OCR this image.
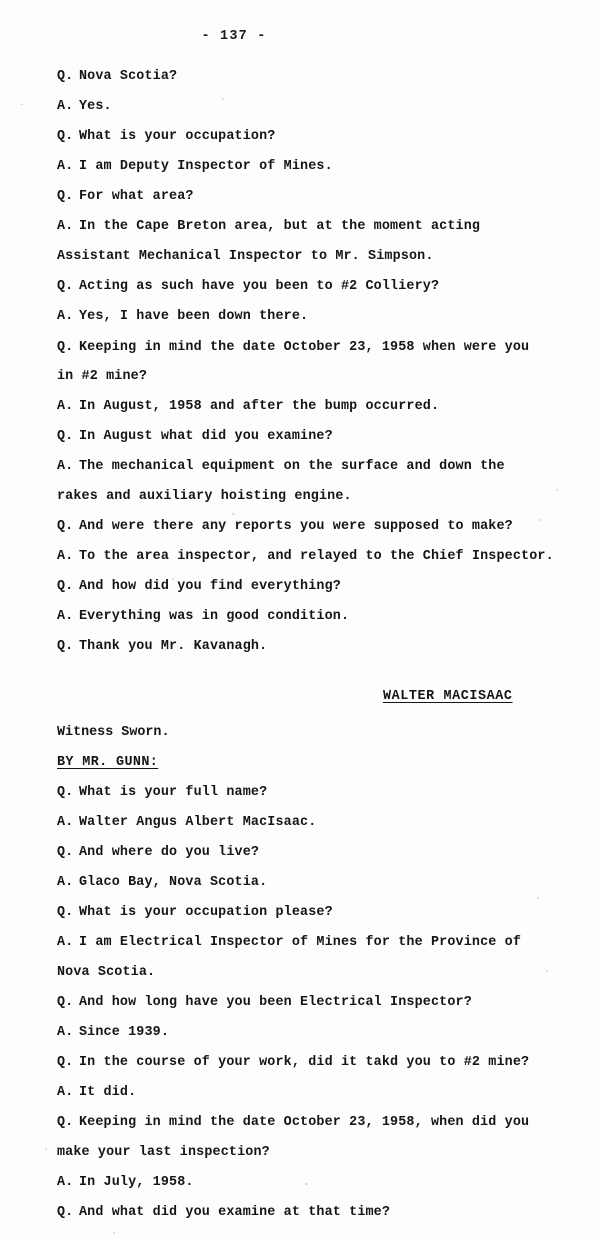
- 137 -
Q. Nova Scotia?
A. Yes.
Q. What is your occupation?
A. I am Deputy Inspector of Mines.
Q. For what area?
A. In the Cape Breton area, but at the moment acting
Assistant Mechanical Inspector to Mr. Simpson.
Q. Acting as such have you been to #2 Colliery?
A. Yes, I have been down there.
Q. Keeping in mind the date October 23, 1958 when were you
in #2 mine?
A. In August, 1958 and after the bump occurred.
Q. In August what did you examine?
A. The mechanical equipment on the surface and down the
rakes and auxiliary hoisting engine.
Q. And were there any reports you were supposed to make?
A. To the area inspector, and relayed to the Chief Inspector.
Q. And how did you find everything?
A. Everything was in good condition.
Q. Thank you Mr. Kavanagh.
WALTER MACISAAC
Witness Sworn.
BY MR. GUNN:
Q. What is your full name?
A. Walter Angus Albert MacIsaac.
Q. And where do you live?
A. Glaco Bay, Nova Scotia.
Q. What is your occupation please?
A. I am Electrical Inspector of Mines for the Province of
Nova Scotia.
Q. And how long have you been Electrical Inspector?
A. Since 1939.
Q. In the course of your work, did it takd you to #2 mine?
A. It did.
Q. Keeping in mind the date October 23, 1958, when did you
make your last inspection?
A. In July, 1958.
Q. And what did you examine at that time?
